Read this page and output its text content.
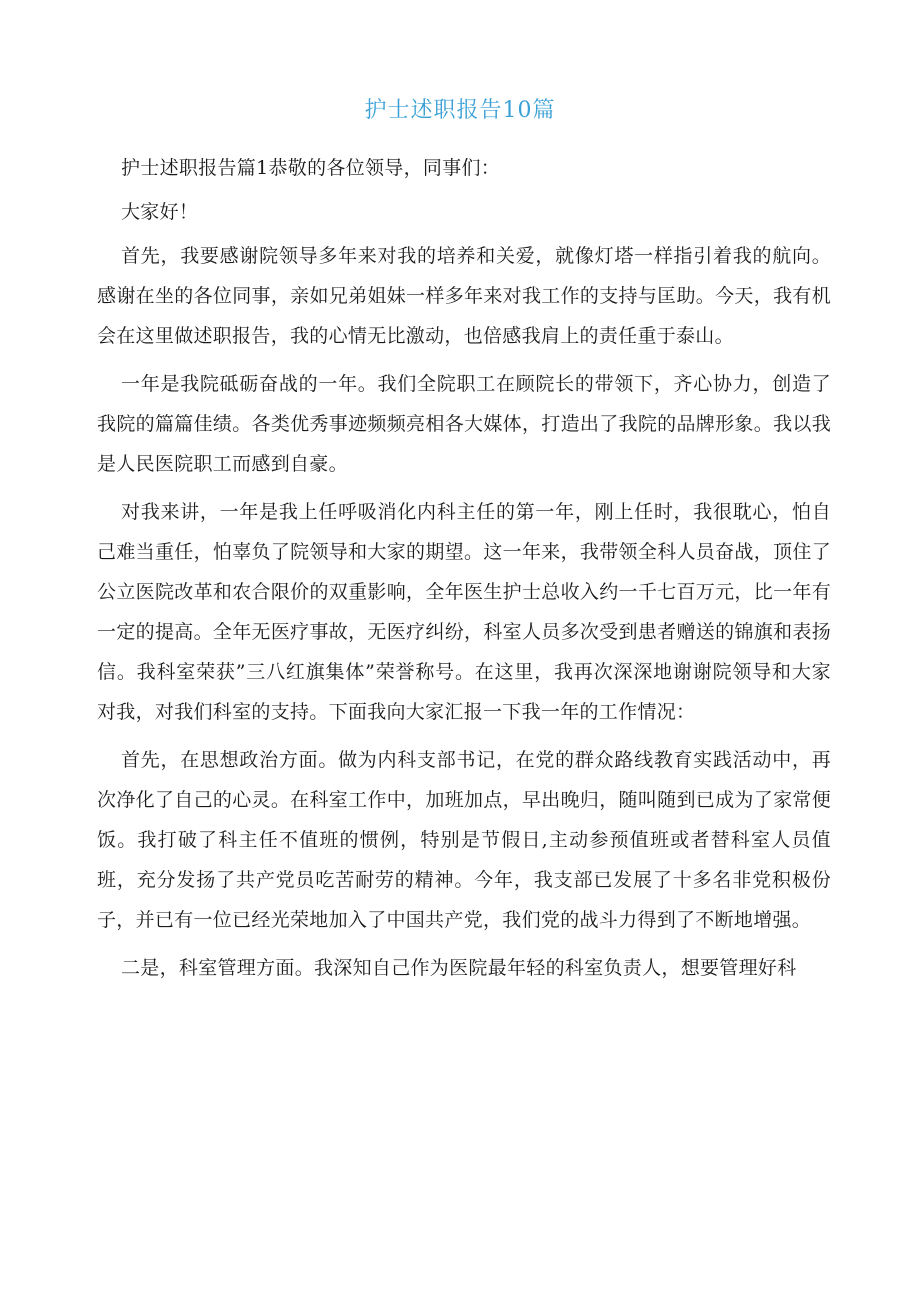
护士述职报告10篇

护士述职报告篇1恭敬的各位领导，同事们：

大家好！

首先，我要感谢院领导多年来对我的培养和关爱，就像灯塔一样指引着我的航向。感谢在坐的各位同事，亲如兄弟姐妹一样多年来对我工作的支持与匡助。今天，我有机会在这里做述职报告，我的心情无比激动，也倍感我肩上的责任重于泰山。

一年是我院砥砺奋战的一年。我们全院职工在顾院长的带领下，齐心协力，创造了我院的篇篇佳绩。各类优秀事迹频频亮相各大媒体，打造出了我院的品牌形象。我以我是人民医院职工而感到自豪。

对我来讲，一年是我上任呼吸消化内科主任的第一年，刚上任时，我很耽心，怕自己难当重任，怕辜负了院领导和大家的期望。这一年来，我带领全科人员奋战，顶住了公立医院改革和农合限价的双重影响，全年医生护士总收入约一千七百万元，比一年有一定的提高。全年无医疗事故，无医疗纠纷，科室人员多次受到患者赠送的锦旗和表扬信。我科室荣获”三八红旗集体”荣誉称号。在这里，我再次深深地谢谢院领导和大家对我，对我们科室的支持。下面我向大家汇报一下我一年的工作情况：

首先，在思想政治方面。做为内科支部书记，在党的群众路线教育实践活动中，再次净化了自己的心灵。在科室工作中，加班加点，早出晚归，随叫随到已成为了家常便饭。我打破了科主任不值班的惯例，特别是节假日,主动参预值班或者替科室人员值班，充分发扬了共产党员吃苦耐劳的精神。今年，我支部已发展了十多名非党积极份子，并已有一位已经光荣地加入了中国共产党，我们党的战斗力得到了不断地增强。

二是，科室管理方面。我深知自己作为医院最年轻的科室负责人，想要管理好科
